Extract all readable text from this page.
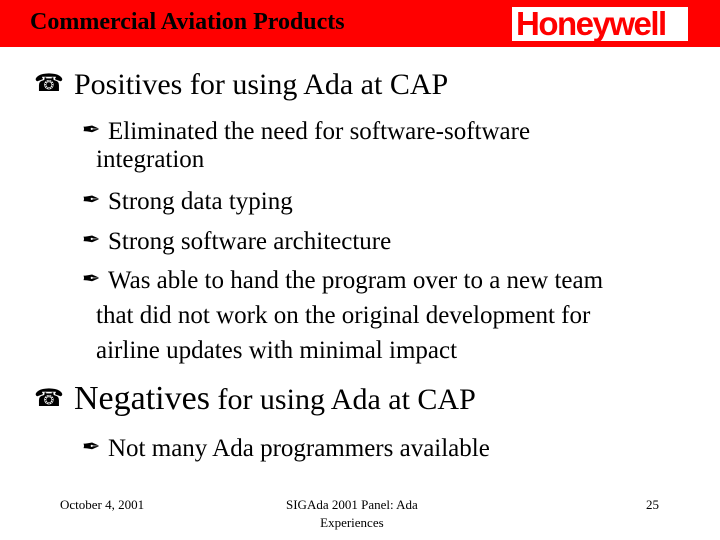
Commercial Aviation Products	Honeywell
☎ Positives for using Ada at CAP
✒ Eliminated the need for software-software
integration
✒ Strong data typing
✒ Strong software architecture
✒ Was able to hand the program over to a new team
that did not work on the original development for
airline updates with minimal impact
☎ Negatives for using Ada at CAP
✒ Not many Ada programmers available
October 4, 2001	SIGAda 2001 Panel: Ada
Experiences
25
